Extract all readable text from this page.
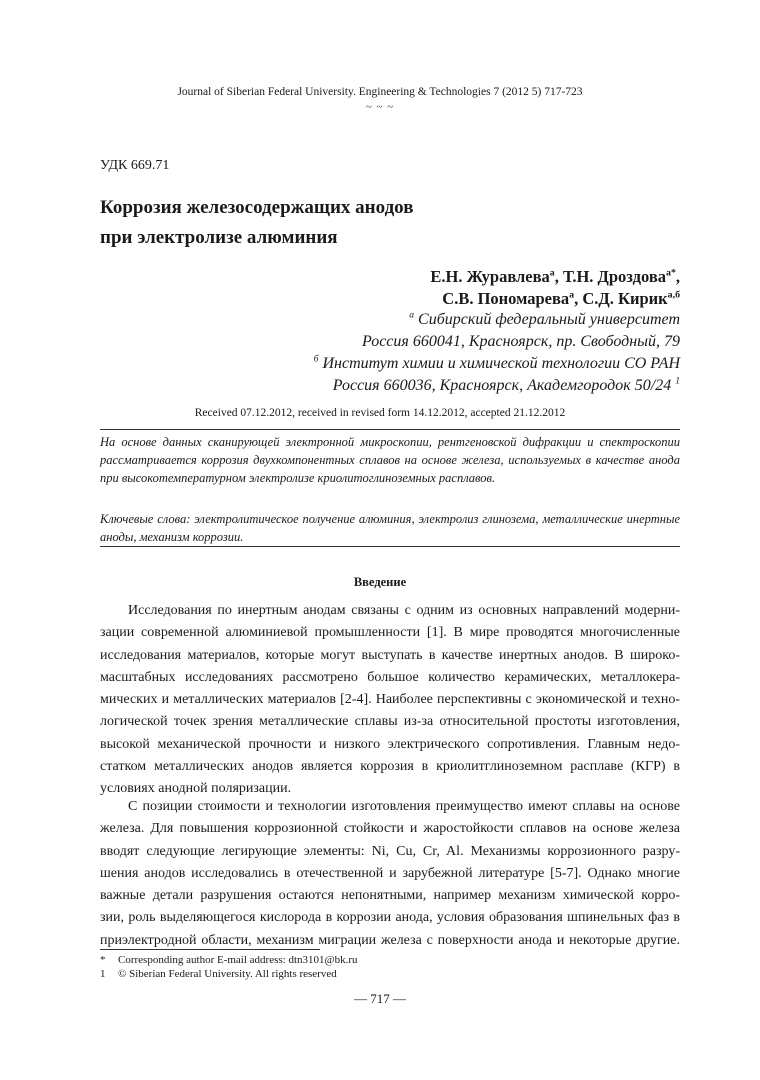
Journal of Siberian Federal University. Engineering & Technologies 7 (2012 5) 717-723
~ ~ ~
УДК 669.71
Коррозия железосодержащих анодов
при электролизе алюминия
Е.Н. Журавлева$^а$, Т.Н. Дроздова$^{а*}$,
С.В. Пономарева$^а$, С.Д. Кирик$^{а,б}$
$^а$ Сибирский федеральный университет
Россия 660041, Красноярск, пр. Свободный, 79
$^б$ Институт химии и химической технологии СО РАН
Россия 660036, Красноярск, Академгородок 50/24 $^1$
Received 07.12.2012, received in revised form 14.12.2012, accepted 21.12.2012
На основе данных сканирующей электронной микроскопии, рентгеновской дифракции и спектроскопии рассматривается коррозия двухкомпонентных сплавов на основе железа, используемых в качестве анода при высокотемпературном электролизе криолитоглиноземных расплавов.
Ключевые слова: электролитическое получение алюминия, электролиз глинозема, металлические инертные аноды, механизм коррозии.
Введение
Исследования по инертным анодам связаны с одним из основных направлений модерни-
зации современной алюминиевой промышленности [1]. В мире проводятся многочисленные
исследования материалов, которые могут выступать в качестве инертных анодов. В широко-
масштабных исследованиях рассмотрено большое количество керамических, металлокера-
мических и металлических материалов [2-4]. Наиболее перспективны с экономической и техно-
логической точек зрения металлические сплавы из-за относительной простоты изготовления,
высокой механической прочности и низкого электрического сопротивления. Главным недо-
статком металлических анодов является коррозия в криолитглиноземном расплаве (КГР) в
условиях анодной поляризации.
С позиции стоимости и технологии изготовления преимущество имеют сплавы на основе
железа. Для повышения коррозионной стойкости и жаростойкости сплавов на основе железа
вводят следующие легирующие элементы: Ni, Cu, Cr, Al. Механизмы коррозионного разру-
шения анодов исследовались в отечественной и зарубежной литературе [5-7]. Однако многие
важные детали разрушения остаются непонятными, например механизм химической корро-
зии, роль выделяющегося кислорода в коррозии анода, условия образования шпинельных фаз в
приэлектродной области, механизм миграции железа с поверхности анода и некоторые другие.
* Corresponding author E-mail address: dtn3101@bk.ru
1 © Siberian Federal University. All rights reserved
— 717 —
